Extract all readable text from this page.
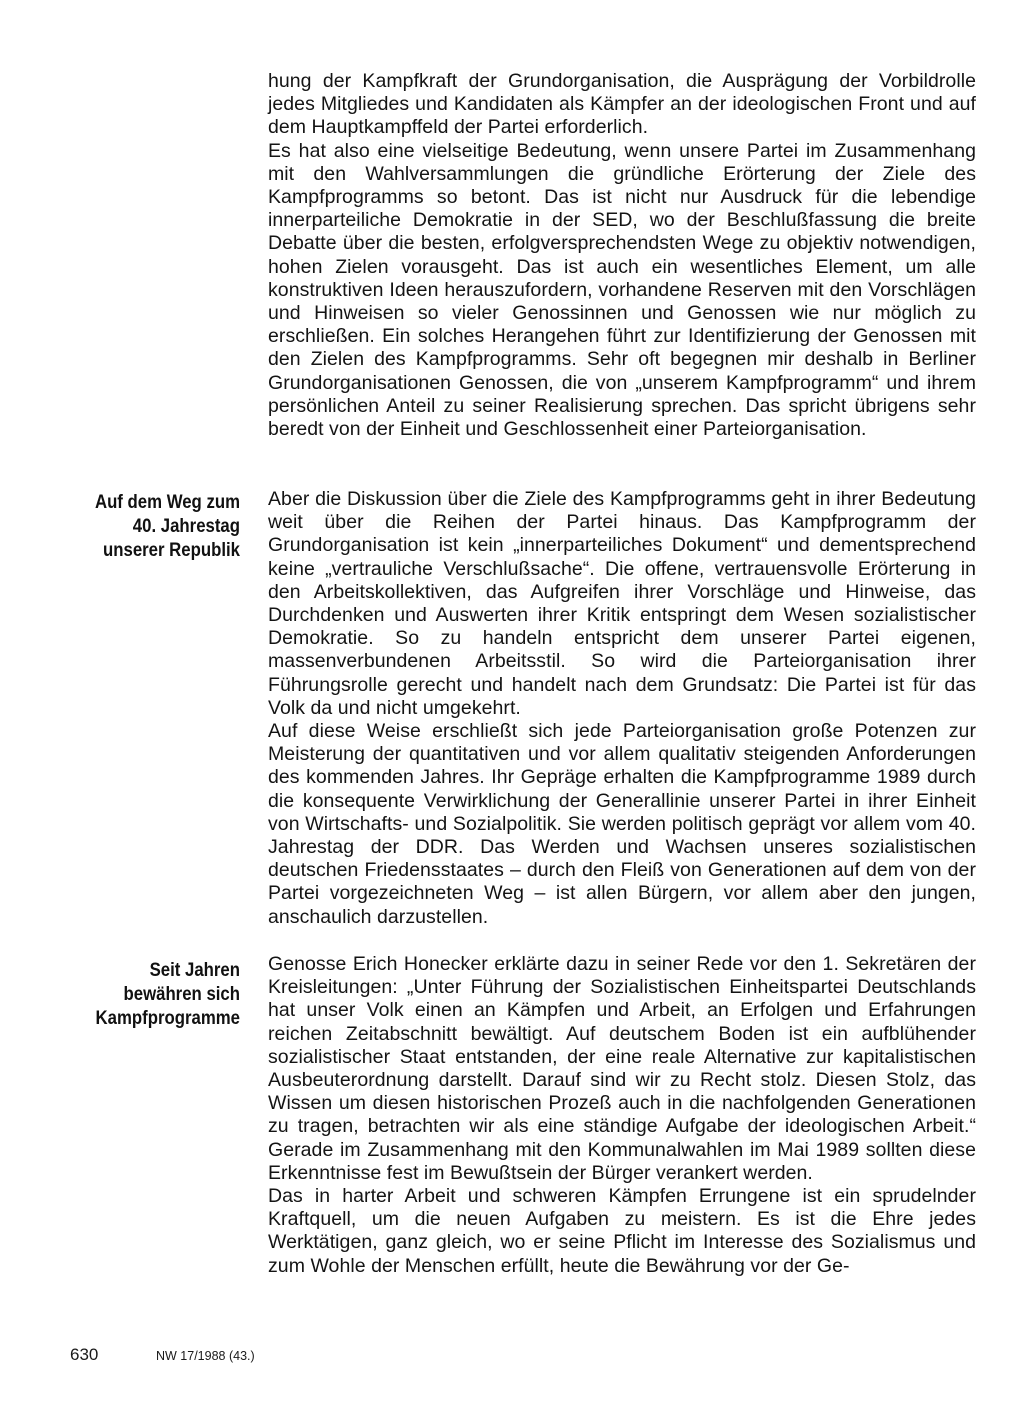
hung der Kampfkraft der Grundorganisation, die Ausprägung der Vorbildrolle jedes Mitgliedes und Kandidaten als Kämpfer an der ideologischen Front und auf dem Hauptkampffeld der Partei erforderlich.

Es hat also eine vielseitige Bedeutung, wenn unsere Partei im Zusammenhang mit den Wahlversammlungen die gründliche Erörterung der Ziele des Kampfprogramms so betont. Das ist nicht nur Ausdruck für die lebendige innerparteiliche Demokratie in der SED, wo der Beschlußfassung die breite Debatte über die besten, erfolgversprechendsten Wege zu objektiv notwendigen, hohen Zielen vorausgeht. Das ist auch ein wesentliches Element, um alle konstruktiven Ideen herauszufordern, vorhandene Reserven mit den Vorschlägen und Hinweisen so vieler Genossinnen und Genossen wie nur möglich zu erschließen. Ein solches Herangehen führt zur Identifizierung der Genossen mit den Zielen des Kampfprogramms. Sehr oft begegnen mir deshalb in Berliner Grundorganisationen Genossen, die von „unserem Kampfprogramm“ und ihrem persönlichen Anteil zu seiner Realisierung sprechen. Das spricht übrigens sehr beredt von der Einheit und Geschlossenheit einer Parteiorganisation.

Auf dem Weg zum
40. Jahrestag
unserer Republik

Aber die Diskussion über die Ziele des Kampfprogramms geht in ihrer Bedeutung weit über die Reihen der Partei hinaus. Das Kampfprogramm der Grundorganisation ist kein „innerparteiliches Dokument“ und dementsprechend keine „vertrauliche Verschlußsache“. Die offene, vertrauensvolle Erörterung in den Arbeitskollektiven, das Aufgreifen ihrer Vorschläge und Hinweise, das Durchdenken und Auswerten ihrer Kritik entspringt dem Wesen sozialistischer Demokratie. So zu handeln entspricht dem unserer Partei eigenen, massenverbundenen Arbeitsstil. So wird die Parteiorganisation ihrer Führungsrolle gerecht und handelt nach dem Grundsatz: Die Partei ist für das Volk da und nicht umgekehrt.

Auf diese Weise erschließt sich jede Parteiorganisation große Potenzen zur Meisterung der quantitativen und vor allem qualitativ steigenden Anforderungen des kommenden Jahres. Ihr Gepräge erhalten die Kampfprogramme 1989 durch die konsequente Verwirklichung der Generallinie unserer Partei in ihrer Einheit von Wirtschafts- und Sozialpolitik. Sie werden politisch geprägt vor allem vom 40. Jahrestag der DDR. Das Werden und Wachsen unseres sozialistischen deutschen Friedensstaates – durch den Fleiß von Generationen auf dem von der Partei vorgezeichneten Weg – ist allen Bürgern, vor allem aber den jungen, anschaulich darzustellen.

Seit Jahren
bewähren sich
Kampfprogramme

Genosse Erich Honecker erklärte dazu in seiner Rede vor den 1. Sekretären der Kreisleitungen: „Unter Führung der Sozialistischen Einheitspartei Deutschlands hat unser Volk einen an Kämpfen und Arbeit, an Erfolgen und Erfahrungen reichen Zeitabschnitt bewältigt. Auf deutschem Boden ist ein aufblühender sozialistischer Staat entstanden, der eine reale Alternative zur kapitalistischen Ausbeuterordnung darstellt. Darauf sind wir zu Recht stolz. Diesen Stolz, das Wissen um diesen historischen Prozeß auch in die nachfolgenden Generationen zu tragen, betrachten wir als eine ständige Aufgabe der ideologischen Arbeit.“ Gerade im Zusammenhang mit den Kommunalwahlen im Mai 1989 sollten diese Erkenntnisse fest im Bewußtsein der Bürger verankert werden.

Das in harter Arbeit und schweren Kämpfen Errungene ist ein sprudelnder Kraftquell, um die neuen Aufgaben zu meistern. Es ist die Ehre jedes Werktätigen, ganz gleich, wo er seine Pflicht im Interesse des Sozialismus und zum Wohle der Menschen erfüllt, heute die Bewährung vor der Ge-

630	NW 17/1988 (43.)
